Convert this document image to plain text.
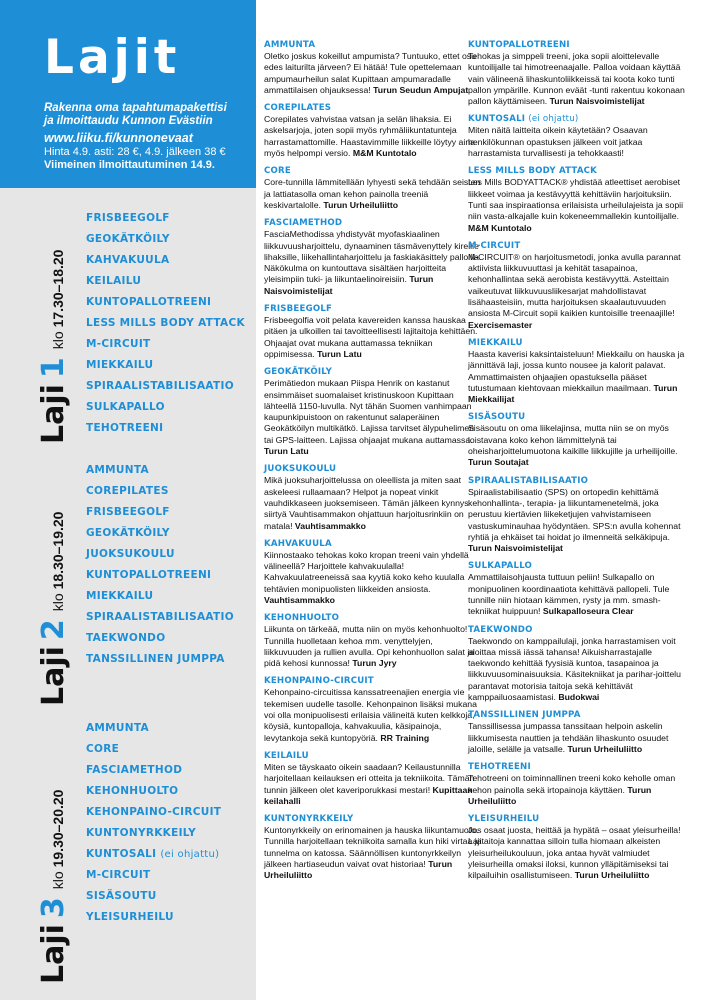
Lajit
Rakenna oma tapahtumapakettisi
ja ilmoittaudu Kunnon Evästiin
www.liiku.fi/kunnonevaat
Hinta 4.9. asti: 28 €, 4.9. jälkeen 38 €
Viimeinen ilmoittautuminen 14.9.
Laji
1
klo 17.30–18.20
FRISBEEGOLF
GEOKÄTKÖILY
KAHVAKUULA
KEILAILU
KUNTOPALLOTREENI
LESS MILLS BODY ATTACK
M-CIRCUIT
MIEKKAILU
SPIRAALISTABILISAATIO
SULKAPALLO
TEHOTREENI
Laji
2
klo 18.30–19.20
AMMUNTA
COREPILATES
FRISBEEGOLF
GEOKÄTKÖILY
JUOKSUKOULU
KUNTOPALLOTREENI
MIEKKAILU
SPIRAALISTABILISAATIO
TAEKWONDO
TANSSILLINEN JUMPPA
Laji
3
klo 19.30–20.20
AMMUNTA
CORE
FASCIAMETHOD
KEHONHUOLTO
KEHONPAINO-CIRCUIT
KUNTONYRKKEILY
KUNTOSALI (ei ohjattu)
M-CIRCUIT
SISÄSOUTU
YLEISURHEILU
AMMUNTA
Oletko joskus kokeillut ampumista? Tuntuuko, ettet osu edes laituriltа järveen? Ei hätää! Tule opettelemaan ampumaurheilun salat Kupittaan ampumaradalle ammattilaisen ohjauksessa! Turun Seudun Ampujat
COREPILATES
Corepilates vahvistaa vatsan ja selän lihaksia. Ei askelsarjoja, joten sopii myös ryhmäliikuntatunteja harrastamattomille. Haastavimmille liikkeille löytyy aina myös helpompi versio. M&M Kuntotalo
CORE
Core-tunnilla lämmitellään lyhyesti sekä tehdään seisten ja lattiatasolla oman kehon painolla treeniä keskivartalolle. Turun Urheiluliitto
FASCIAMETHOD
FasciaMethodissa yhdistyvät myofaskiaalinen liikkuvuusharjoittelu, dynaaminen täsmävenyttely kireille lihaksille, liikehallintaharjoittelu ja faskiakäsittely palloilla. Näkökulma on kuntouttava sisältäen harjoitteita yleisimpiin tuki- ja liikuntaelinoireisiin. Turun Naisvoimistelijat
FRISBEEGOLF
Frisbeegolfia voit pelata kavereiden kanssa hauskaa pitäen ja ulkoillen tai tavoitteellisesti lajitaitoja kehittäen. Ohjaajat ovat mukana auttamassa tekniikan oppimisessa. Turun Latu
GEOKÄTKÖILY
Perimätiedon mukaan Piispa Henrik on kastanut ensimmäiset suomalaiset kristinuskoon Kupittaan lähteellä 1150-luvulla. Nyt tähän Suomen vanhimpaan kaupunkipuistoon on rakentunut salaperäinen Geokätköilyn multikätkö. Lajissa tarvitset älypuhelimen tai GPS-laitteen. Lajissa ohjaajat mukana auttamassa. Turun Latu
JUOKSUKOULU
Mikä juoksuharjoittelussa on oleellista ja miten saat askeleesi rullaamaan? Helpot ja nopeat vinkit vauhdikkaseen juoksemiseen. Tämän jälkeen kynnys siirtyä Vauhtisammakon ohjattuun harjoitusrinkiin on matala! Vauhtisammakko
KAHVAKUULA
Kiinnostaako tehokas koko kropan treeni vain yhdellä välineellä? Harjoittele kahvakuulalla! Kahvakuulatreeneissä saa kyytiä koko keho kuulalla tehtävien monipuolisten liikkeiden ansiosta. Vauhtisammakko
KEHONHUOLTO
Liikunta on tärkeää, mutta niin on myös kehonhuolto! Tunnilla huolletaan kehoa mm. venyttelyjen, liikkuvuuden ja rullien avulla. Opi kehonhuollon salat ja pidä kehosi kunnossa! Turun Jyry
KEHONPAINO-CIRCUIT
Kehonpaino-circuitissa kanssatreenajien energia vie tekemisen uudelle tasolle. Kehonpainon lisäksi mukana voi olla monipuolisesti erilaisia välineitä kuten kelkkoja, köysiä, kuntopalloja, kahvakuulia, käsipainoja, levytankoja sekä kuntopyöriä. RR Training
KEILAILU
Miten se täyskaato oikein saadaan? Keilaustunnilla harjoitellaan keilauksen eri otteita ja tekniikoita. Tämän tunnin jälkeen olet kaveriporukkasi mestari! Kupittaan keilahalli
KUNTONYRKKEILY
Kuntonyrkkeily on erinomainen ja hauska liikuntamuoto. Tunnilla harjoitellaan tekniikoita samalla kun hiki virtaa ja tunnelma on katossa. Säännöllisen kuntonyrkkeilyn jälkeen hartiaseudun vaivat ovat historiaa! Turun Urheiluliitto
KUNTOPALLOTREENI
Tehokas ja simppeli treeni, joka sopii aloittelevalle kuntoilijalle tai himotreenaajalle. Palloa voidaan käyttää vain välineenä lihaskuntoliikkeissä tai koota koko tunti pallon ympärille. Kunnon eväät -tunti rakentuu kokonaan pallon käyttämiseen. Turun Naisvoimistelijat
KUNTOSALI (ei ohjattu)
Miten näitä laitteita oikein käytetään? Osaavan henkilökunnan opastuksen jälkeen voit jatkaa harrastamista turvallisesti ja tehokkaasti!
LESS MILLS BODY ATTACK
Les Mills BODYATTACK® yhdistää atleettiset aerobiset liikkeet voimaa ja kestävyyttä kehittäviin harjoituksiin. Tunti saa inspiraationsa erilaisista urheilulajeista ja sopii niin vasta-alkajalle kuin kokeneemmallekin kuntoilijalle. M&M Kuntotalo
M-CIRCUIT
M-CIRCUIT® on harjoitusmetodi, jonka avulla parannat aktiivista liikkuvuuttasi ja kehität tasapainoa, kehonhallintaa sekä aerobista kestävyyttä. Asteittain vaikeutuvat liikkuvuusliikesarjat mahdollistavat lisähaasteisiin, mutta harjoituksen skaalautuvuuden ansiosta M-Circuit sopii kaikien kuntoisille treenaajille! Exercisemaster
MIEKKAILU
Haasta kaverisi kaksintaisteluun! Miekkailu on hauska ja jännittävä laji, jossa kunto nousee ja kalorit palavat. Ammattimaisten ohjaajien opastuksella pääset tutustumaan kiehtovaan miekkailun maailmaan. Turun Miekkailijat
SISÄSOUTU
Sisäsoutu on oma liikelajinsa, mutta niin se on myös loistavana koko kehon lämmittelynä tai oheisharjoittelumuotona kaikille liikkujille ja urheilijoille. Turun Soutajat
SPIRAALISTABILISAATIO
Spiraalistabilisaatio (SPS) on ortopedin kehittämä kehonhallinta-, terapia- ja liikuntamenetelmä, joka perustuu kiertävien liikeketjujen vahvistamiseen vastuskuminauhaa hyödyntäen. SPS:n avulla kohennat ryhtiä ja ehkäiset tai hoidat jo ilmenneitä selkäkipuja. Turun Naisvoimistelijat
SULKAPALLO
Ammattilaisohjausta tuttuun peliin! Sulkapallo on monipuolinen koordinaatiota kehittävä pallopeli. Tule tunnille niin hiotaan kämmen, rysty ja mm. smash-tekniikat huippuun! Sulkapalloseura Clear
TAEKWONDO
Taekwondo on kamppailulaji, jonka harrastamisen voit aloittaa missä iässä tahansa! Aikuisharrastajalle taekwondo kehittää fyysisiä kuntoa, tasapainoa ja liikkuvuusominaisuuksia. Käsitekniikat ja parihar-joittelu parantavat motorisia taitoja sekä kehittävät kamppailuosaamistasi. Budokwai
TANSSILLINEN JUMPPA
Tanssillisessa jumpassa tanssitaan helpoin askelin liikkumisesta nauttien ja tehdään lihaskunto osuudet jaloille, selälle ja vatsalle. Turun Urheiluliitto
TEHOTREENI
Tehotreeni on toiminnallinen treeni koko keholle oman kehon painolla sekä irtopainoja käyttäen. Turun Urheiluliitto
YLEISURHEILU
Jos osaat juosta, heittää ja hypätä – osaat yleisurheilla! Lajitaitoja kannattaa silloin tulla hiomaan alkeisten yleisurheilukouluun, joka antaa hyvät valmiudet yleisurheilla omaksi iloksi, kunnon ylläpitämiseksi tai kilpailuihin osallistumiseen. Turun Urheiluliitto
